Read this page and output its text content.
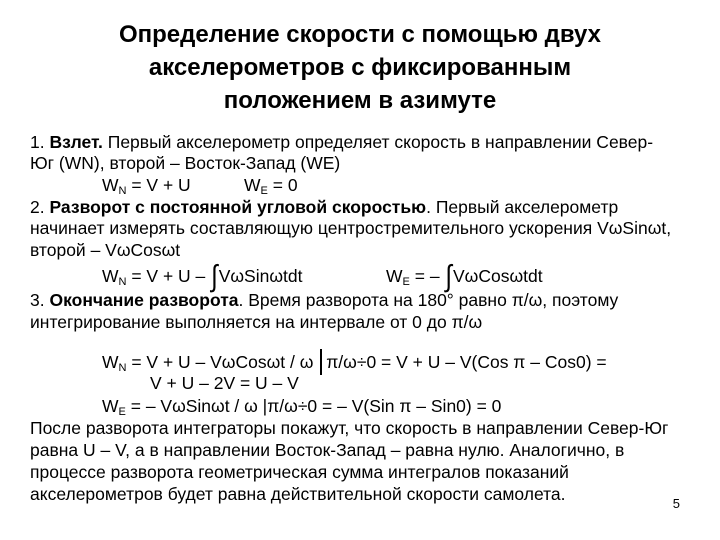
Определение скорости с помощью двух
акселерометров с фиксированным
положением в азимуте
1. Взлет. Первый акселерометр определяет скорость в направлении Север-
Юг (WN), второй – Восток-Запад (WE)
$W_N = V + U$	$W_E = 0$
2. Разворот с постоянной угловой скоростью. Первый акселерометр
начинает измерять составляющую центростремительного ускорения VωSinωt,
второй – VωCosωt
$W_N = V + U - \int V\omega Sin\omega tdt$	$W_E$ = – ∫VωCosωtdt
3. Окончание разворота. Время разворота на 180° равно π/ω, поэтому
интегрирование выполняется на интервале от 0 до π/ω
$W_N = V + U - V\omega Cos\omega t / \omega$ π/ω÷0 = V + U – V(Cos π – Cos0) =
V + U – 2V = U – V
$W_E$ = – VωSinωt / ω |π/ω÷0 = – V(Sin π – Sin0) = 0
После разворота интеграторы покажут, что скорость в направлении Север-Юг
равна U – V, а в направлении Восток-Запад – равна нулю. Аналогично, в
процессе разворота геометрическая сумма интегралов показаний
акселерометров будет равна действительной скорости самолета.	5
